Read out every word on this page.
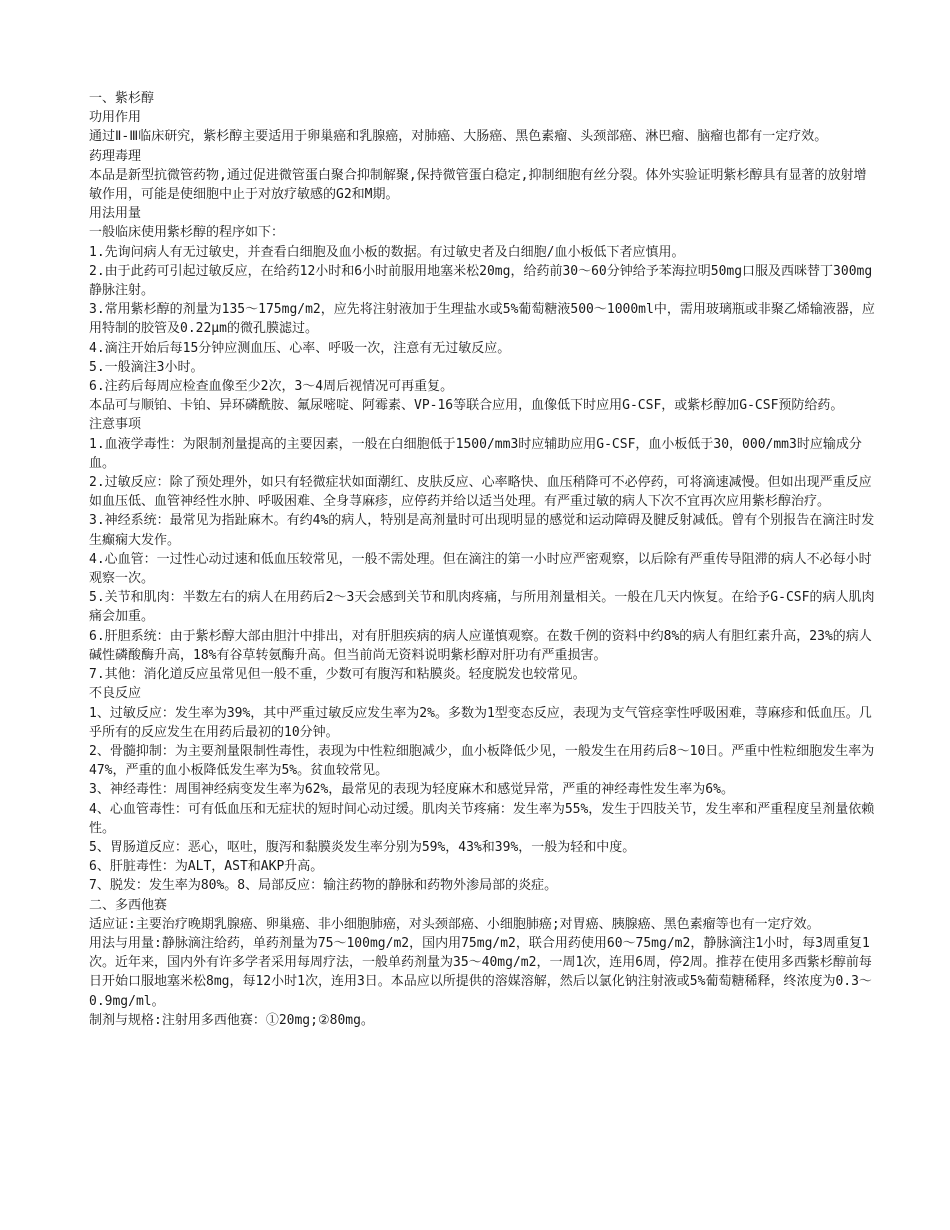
一、紫杉醇

功用作用

通过Ⅱ-Ⅲ临床研究，紫杉醇主要适用于卵巢癌和乳腺癌，对肺癌、大肠癌、黑色素瘤、头颈部癌、淋巴瘤、脑瘤也都有一定疗效。

药理毒理

本品是新型抗微管药物,通过促进微管蛋白聚合抑制解聚,保持微管蛋白稳定,抑制细胞有丝分裂。体外实验证明紫杉醇具有显著的放射增敏作用，可能是使细胞中止于对放疗敏感的G2和M期。

用法用量

一般临床使用紫杉醇的程序如下：

1.先询问病人有无过敏史，并查看白细胞及血小板的数据。有过敏史者及白细胞/血小板低下者应慎用。

2.由于此药可引起过敏反应，在给药12小时和6小时前服用地塞米松20mg，给药前30～60分钟给予苯海拉明50mg口服及西咪替丁300mg静脉注射。

3.常用紫杉醇的剂量为135～175mg/m2，应先将注射液加于生理盐水或5%葡萄糖液500～1000ml中，需用玻璃瓶或非聚乙烯输液器，应用特制的胶管及0.22μm的微孔膜滤过。

4.滴注开始后每15分钟应测血压、心率、呼吸一次，注意有无过敏反应。

5.一般滴注3小时。

6.注药后每周应检查血像至少2次，3～4周后视情况可再重复。

本品可与顺铂、卡铂、异环磷酰胺、氟尿嘧啶、阿霉素、VP-16等联合应用，血像低下时应用G-CSF，或紫杉醇加G-CSF预防给药。

注意事项

1.血液学毒性：为限制剂量提高的主要因素，一般在白细胞低于1500/mm3时应辅助应用G-CSF，血小板低于30，000/mm3时应输成分血。

2.过敏反应：除了预处理外，如只有轻微症状如面潮红、皮肤反应、心率略快、血压稍降可不必停药，可将滴速减慢。但如出现严重反应如血压低、血管神经性水肿、呼吸困难、全身荨麻疹，应停药并给以适当处理。有严重过敏的病人下次不宜再次应用紫杉醇治疗。

3.神经系统：最常见为指趾麻木。有约4%的病人，特别是高剂量时可出现明显的感觉和运动障碍及腱反射减低。曾有个别报告在滴注时发生癫痫大发作。

4.心血管：一过性心动过速和低血压较常见，一般不需处理。但在滴注的第一小时应严密观察，以后除有严重传导阻滞的病人不必每小时观察一次。

5.关节和肌肉：半数左右的病人在用药后2～3天会感到关节和肌肉疼痛，与所用剂量相关。一般在几天内恢复。在给予G-CSF的病人肌肉痛会加重。

6.肝胆系统：由于紫杉醇大部由胆汁中排出，对有肝胆疾病的病人应谨慎观察。在数千例的资料中约8%的病人有胆红素升高，23%的病人碱性磷酸酶升高，18%有谷草转氨酶升高。但当前尚无资料说明紫杉醇对肝功有严重损害。

7.其他：消化道反应虽常见但一般不重，少数可有腹泻和粘膜炎。轻度脱发也较常见。

不良反应

1、过敏反应：发生率为39%，其中严重过敏反应发生率为2%。多数为1型变态反应，表现为支气管痉挛性呼吸困难，荨麻疹和低血压。几乎所有的反应发生在用药后最初的10分钟。

2、骨髓抑制：为主要剂量限制性毒性，表现为中性粒细胞减少，血小板降低少见，一般发生在用药后8～10日。严重中性粒细胞发生率为47%，严重的血小板降低发生率为5%。贫血较常见。

3、神经毒性：周围神经病变发生率为62%，最常见的表现为轻度麻木和感觉异常，严重的神经毒性发生率为6%。

4、心血管毒性：可有低血压和无症状的短时间心动过缓。肌肉关节疼痛：发生率为55%，发生于四肢关节，发生率和严重程度呈剂量依赖性。

5、胃肠道反应：恶心，呕吐，腹泻和黏膜炎发生率分别为59%，43%和39%，一般为轻和中度。

6、肝脏毒性：为ALT，AST和AKP升高。

7、脱发：发生率为80%。8、局部反应：输注药物的静脉和药物外渗局部的炎症。

二、多西他赛

适应证:主要治疗晚期乳腺癌、卵巢癌、非小细胞肺癌，对头颈部癌、小细胞肺癌;对胃癌、胰腺癌、黑色素瘤等也有一定疗效。

用法与用量:静脉滴注给药，单药剂量为75～100mg/m2，国内用75mg/m2，联合用药使用60～75mg/m2，静脉滴注1小时，每3周重复1次。近年来，国内外有许多学者采用每周疗法，一般单药剂量为35～40mg/m2，一周1次，连用6周，停2周。推荐在使用多西紫杉醇前每日开始口服地塞米松8mg，每12小时1次，连用3日。本品应以所提供的溶媒溶解，然后以氯化钠注射液或5%葡萄糖稀释，终浓度为0.3～0.9mg/ml。

制剂与规格:注射用多西他赛：①20mg;②80mg。
